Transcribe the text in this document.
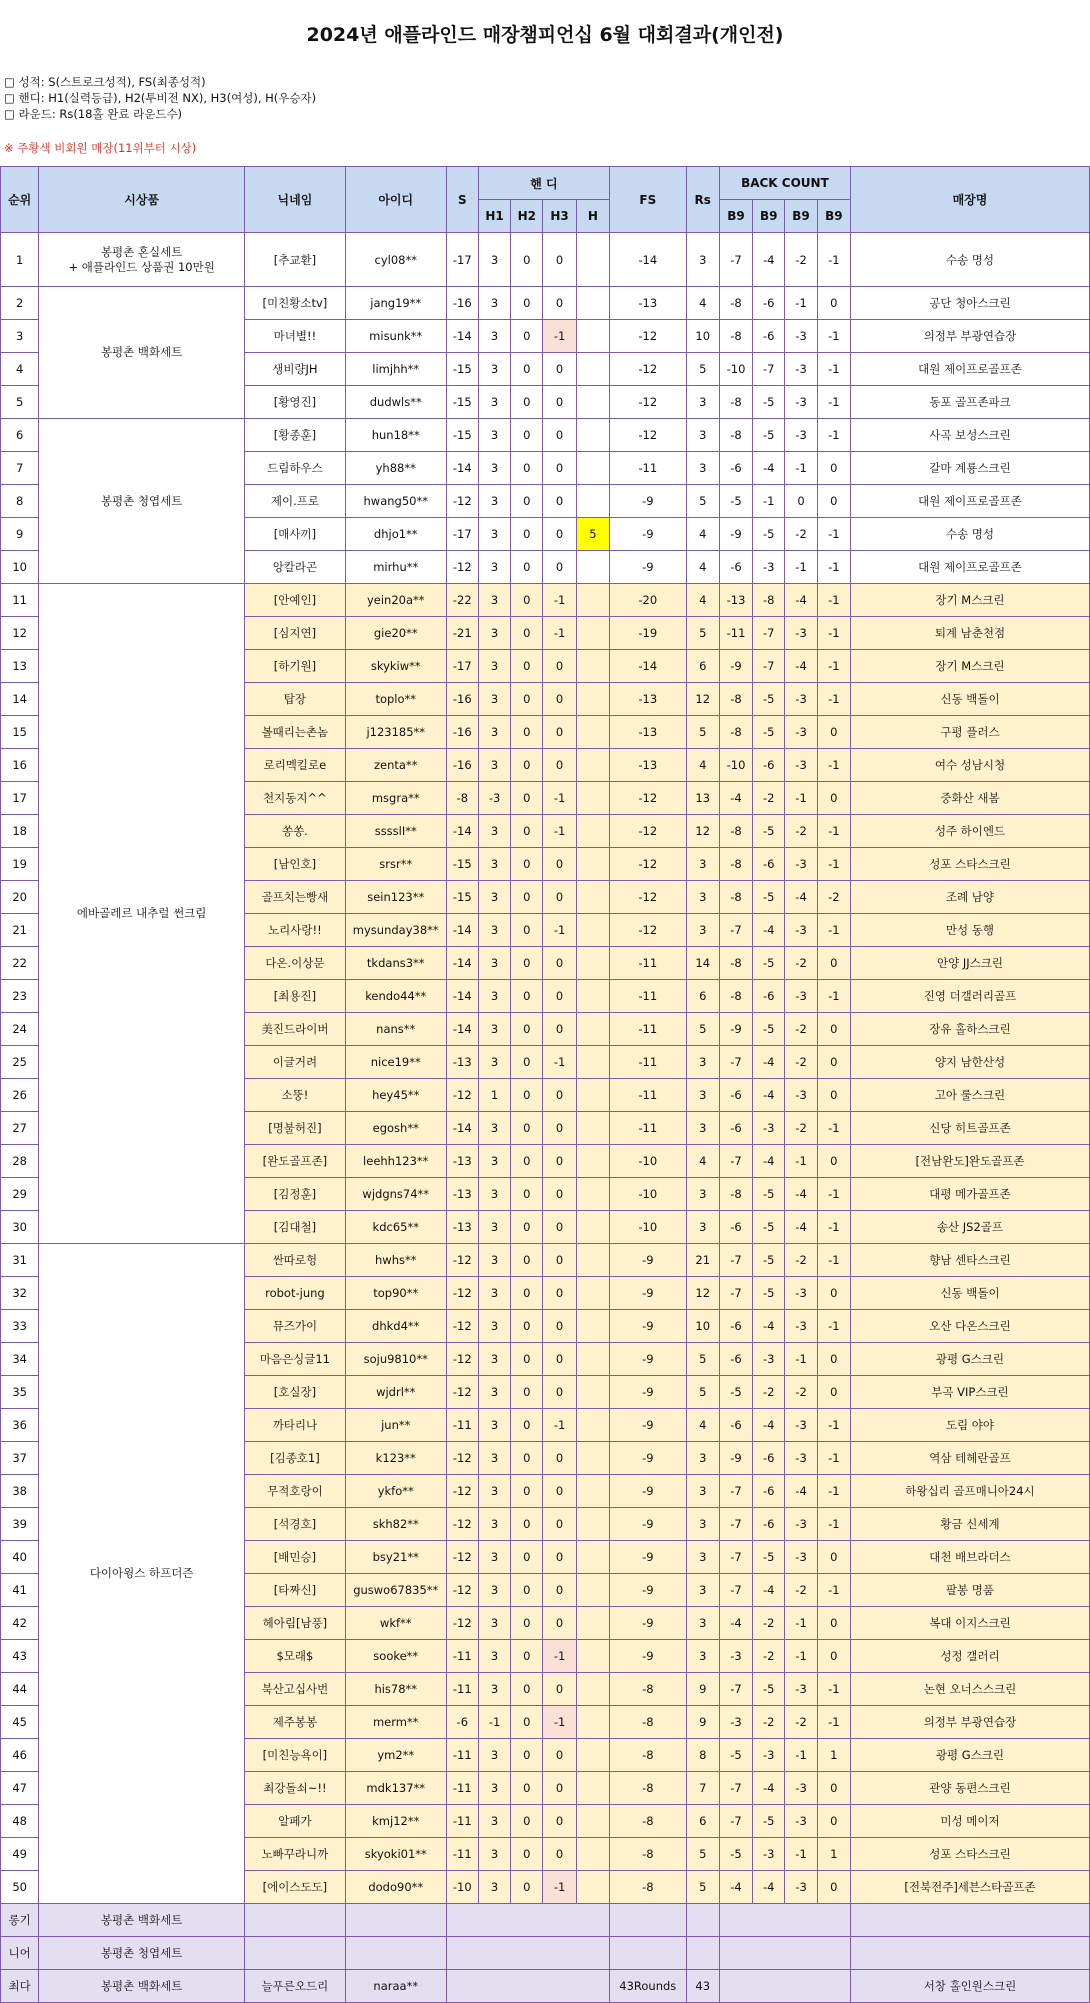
2024년 애플라인드 매장챔피언십 6월 대회결과(개인전)
□ 성적: S(스트로크성적), FS(최종성적)
□ 핸디: H1(실력등급), H2(투비전 NX), H3(여성), H(우승자)
□ 라운드: Rs(18홀 완료 라운드수)
※ 주황색 비회원 매장(11위부터 시상)
순위	시상품	닉네임	아이디	S	핸 디				FS	Rs	BACK COUNT				매장명
					H1	H2	H3	H			B9	B9	B9	B9	
1	봉평촌 혼실세트
+ 애플라인드 상품권 10만원	[추교환]	cyl08**	-17	3	0	0		-14	3	-7	-4	-2	-1	수송 명성
2	봉평촌 백화세트	[미친황소tv]	jang19**	-16	3	0	0		-13	4	-8	-6	-1	0	공단 청아스크린
3		마녀별!!	misunk**	-14	3	0	-1		-12	10	-8	-6	-3	-1	의정부 부광연습장
4		생비량JH	limjhh**	-15	3	0	0		-12	5	-10	-7	-3	-1	대원 제이프로골프존
5		[황영진]	dudwls**	-15	3	0	0		-12	3	-8	-5	-3	-1	동포 골프존파크
6	봉평촌 청엽세트	[황종훈]	hun18**	-15	3	0	0		-12	3	-8	-5	-3	-1	사곡 보성스크린
7		드림하우스	yh88**	-14	3	0	0		-11	3	-6	-4	-1	0	갈마 계룡스크린
8		제이.프로	hwang50**	-12	3	0	0		-9	5	-5	-1	0	0	대원 제이프로골프존
9		[매사끼]	dhjo1**	-17	3	0	0	5	-9	4	-9	-5	-2	-1	수송 명성
10		앙칼라곤	mirhu**	-12	3	0	0		-9	4	-6	-3	-1	-1	대원 제이프로골프존
11	에바골레르 내추럴 썬크림	[안예인]	yein20a**	-22	3	0	-1		-20	4	-13	-8	-4	-1	장기 M스크린
12		[심지연]	gie20**	-21	3	0	-1		-19	5	-11	-7	-3	-1	퇴계 남춘천점
13		[하기원]	skykiw**	-17	3	0	0		-14	6	-9	-7	-4	-1	장기 M스크린
14		탑장	toplo**	-16	3	0	0		-13	12	-8	-5	-3	-1	신동 백돌이
15		볼때리는촌놈	j123185**	-16	3	0	0		-13	5	-8	-5	-3	0	구평 플러스
16		로리멕킬로e	zenta**	-16	3	0	0		-13	4	-10	-6	-3	-1	여수 성남시청
17		천지동지^^	msgra**	-8	-3	0	-1		-12	13	-4	-2	-1	0	중화산 새봄
18		쏭쏭.	sssslI**	-14	3	0	-1		-12	12	-8	-5	-2	-1	성주 하이엔드
19		[남인호]	srsr**	-15	3	0	0		-12	3	-8	-6	-3	-1	성포 스타스크린
20		골프치는빵새	sein123**	-15	3	0	0		-12	3	-8	-5	-4	-2	조례 남양
21		노리사랑!!	mysunday38**	-14	3	0	-1		-12	3	-7	-4	-3	-1	만성 동행
22		다온.이상문	tkdans3**	-14	3	0	0		-11	14	-8	-5	-2	0	안양 JJ스크린
23		[최용진]	kendo44**	-14	3	0	0		-11	6	-8	-6	-3	-1	진영 더갤러리골프
24		美진드라이버	nans**	-14	3	0	0		-11	5	-9	-5	-2	0	장유 홀하스크린
25		이글거려	nice19**	-13	3	0	-1		-11	3	-7	-4	-2	0	양지 남한산성
26		소뚱!	hey45**	-12	1	0	0		-11	3	-6	-4	-3	0	고아 룰스크린
27		[명불허진]	egosh**	-14	3	0	0		-11	3	-6	-3	-2	-1	신당 히트골프존
28		[완도골프존]	leehh123**	-13	3	0	0		-10	4	-7	-4	-1	0	[전남완도]완도골프존
29		[김정훈]	wjdgns74**	-13	3	0	0		-10	3	-8	-5	-4	-1	대평 메가골프존
30		[김대철]	kdc65**	-13	3	0	0		-10	3	-6	-5	-4	-1	송산 JS2골프
31	다이아윙스 하프더즌	싼따로헝	hwhs**	-12	3	0	0		-9	21	-7	-5	-2	-1	향남 센타스크린
32		robot-jung	top90**	-12	3	0	0		-9	12	-7	-5	-3	0	신동 백돌이
33		뮤즈가이	dhkd4**	-12	3	0	0		-9	10	-6	-4	-3	-1	오산 다온스크린
34		마음은싱글11	soju9810**	-12	3	0	0		-9	5	-6	-3	-1	0	광평 G스크린
35		[호실장]	wjdrl**	-12	3	0	0		-9	5	-5	-2	-2	0	부곡 VIP스크린
36		까타리나	jun**	-11	3	0	-1		-9	4	-6	-4	-3	-1	도림 야야
37		[김종호1]	k123**	-12	3	0	0		-9	3	-9	-6	-3	-1	역삼 테헤란골프
38		무적호랑이	ykfo**	-12	3	0	0		-9	3	-7	-6	-4	-1	하왕십리 골프매니아24시
39		[석경호]	skh82**	-12	3	0	0		-9	3	-7	-6	-3	-1	황금 신세계
40		[배민승]	bsy21**	-12	3	0	0		-9	3	-7	-5	-3	0	대천 배브라더스
41		[타짜신]	guswo67835**	-12	3	0	0		-9	3	-7	-4	-2	-1	팔봉 명품
42		헤아림[남풍]	wkf**	-12	3	0	0		-9	3	-4	-2	-1	0	복대 이지스크린
43		$모래$	sooke**	-11	3	0	-1		-9	3	-3	-2	-1	0	성정 갤러리
44		북산고십사번	his78**	-11	3	0	0		-8	9	-7	-5	-3	-1	논현 오너스스크린
45		제주봉봉	merm**	-6	-1	0	-1		-8	9	-3	-2	-2	-1	의정부 부광연습장
46		[미친능욕이]	ym2**	-11	3	0	0		-8	8	-5	-3	-1	1	광평 G스크린
47		최강돌쇠~!!	mdk137**	-11	3	0	0		-8	7	-7	-4	-3	0	관양 동편스크린
48		알페가	kmj12**	-11	3	0	0		-8	6	-7	-5	-3	0	미성 메이저
49		노빠꾸라니까	skyoki01**	-11	3	0	0		-8	5	-5	-3	-1	1	성포 스타스크린
50		[에이스도도]	dodo90**	-10	3	0	-1		-8	5	-4	-4	-3	0	[전북전주]세븐스타골프존
롱기	봉평촌 백화세트														
니어	봉평촌 청엽세트														
최다	봉평촌 백화세트	늘푸른오드리	naraa**						43Rounds	43					서창 홀인원스크린
